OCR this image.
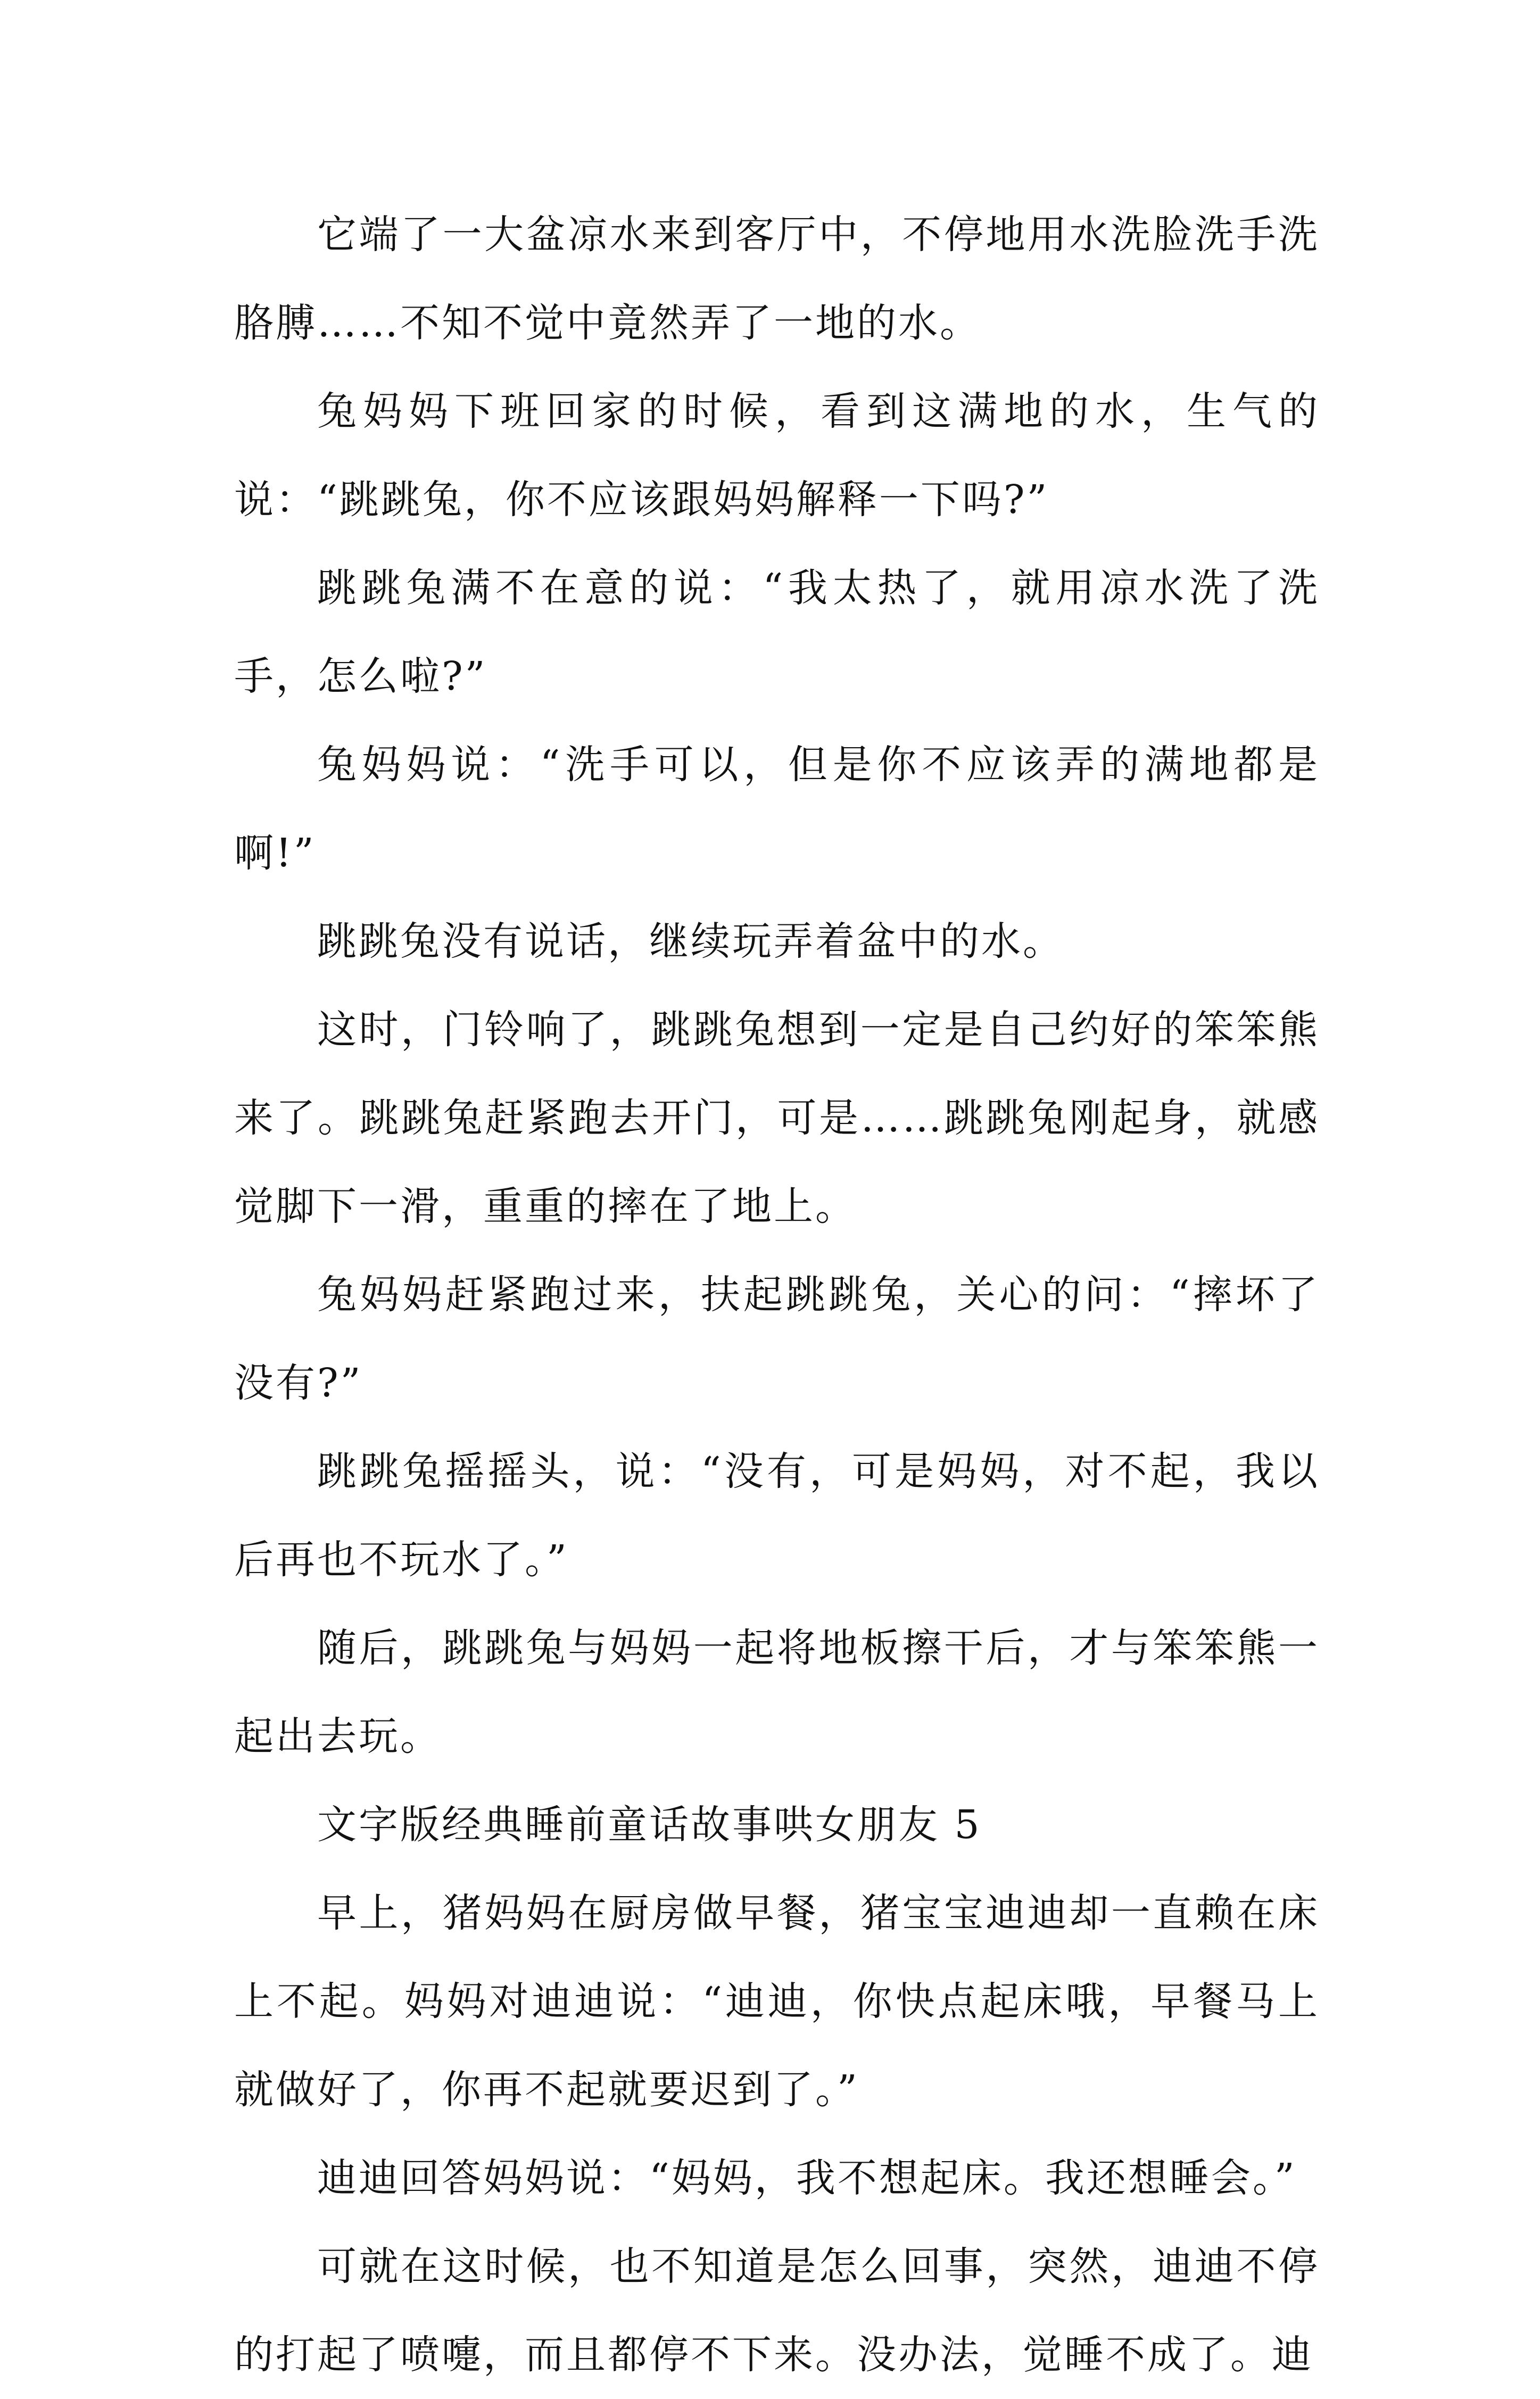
它端了一大盆凉水来到客厅中，不停地用水洗脸洗手洗胳膊……不知不觉中竟然弄了一地的水。

兔妈妈下班回家的时候，看到这满地的水，生气的说：“跳跳兔，你不应该跟妈妈解释一下吗?”

跳跳兔满不在意的说：“我太热了，就用凉水洗了洗手，怎么啦?”

兔妈妈说：“洗手可以，但是你不应该弄的满地都是啊!”

跳跳兔没有说话，继续玩弄着盆中的水。

这时，门铃响了，跳跳兔想到一定是自己约好的笨笨熊来了。跳跳兔赶紧跑去开门，可是……跳跳兔刚起身，就感觉脚下一滑，重重的摔在了地上。

兔妈妈赶紧跑过来，扶起跳跳兔，关心的问：“摔坏了没有?”

跳跳兔摇摇头，说：“没有，可是妈妈，对不起，我以后再也不玩水了。”

随后，跳跳兔与妈妈一起将地板擦干后，才与笨笨熊一起出去玩。

文字版经典睡前童话故事哄女朋友 5

早上，猪妈妈在厨房做早餐，猪宝宝迪迪却一直赖在床上不起。妈妈对迪迪说：“迪迪，你快点起床哦，早餐马上就做好了，你再不起就要迟到了。”

迪迪回答妈妈说：“妈妈，我不想起床。我还想睡会。”

可就在这时候，也不知道是怎么回事，突然，迪迪不停的打起了喷嚏，而且都停不下来。没办法，觉睡不成了。迪
